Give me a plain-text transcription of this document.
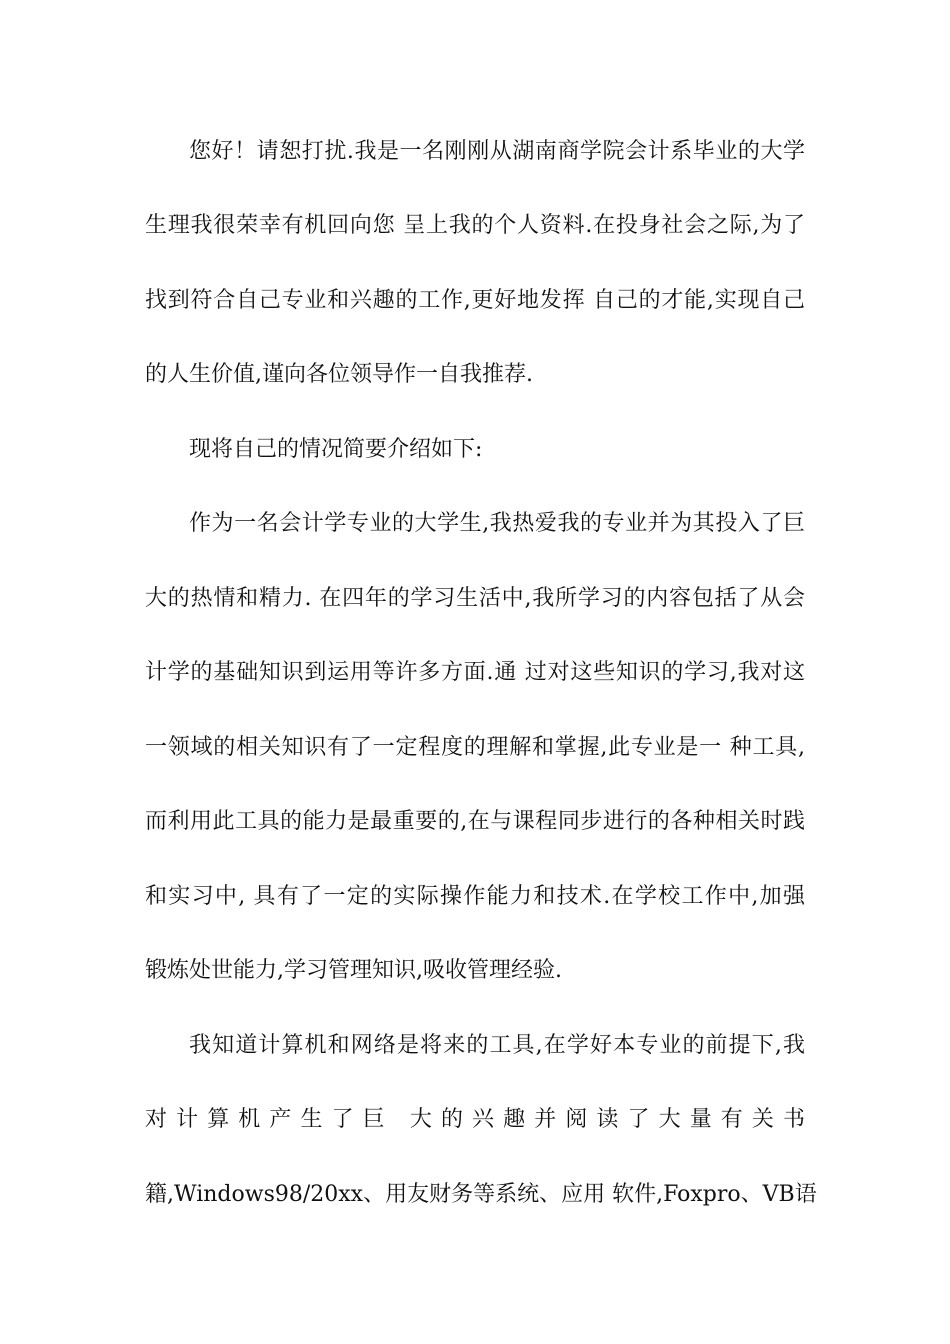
您好！请恕打扰.我是一名刚刚从湖南商学院会计系毕业的大学
生理我很荣幸有机回向您 呈上我的个人资料.在投身社会之际,为了
找到符合自己专业和兴趣的工作,更好地发挥 自己的才能,实现自己
的人生价值,谨向各位领导作一自我推荐.
现将自己的情况简要介绍如下:
作为一名会计学专业的大学生,我热爱我的专业并为其投入了巨
大的热情和精力. 在四年的学习生活中,我所学习的内容包括了从会
计学的基础知识到运用等许多方面.通 过对这些知识的学习,我对这
一领域的相关知识有了一定程度的理解和掌握,此专业是一 种工具,
而利用此工具的能力是最重要的,在与课程同步进行的各种相关时践
和实习中, 具有了一定的实际操作能力和技术.在学校工作中,加强
锻炼处世能力,学习管理知识,吸收管理经验.
我知道计算机和网络是将来的工具,在学好本专业的前提下,我
对计算机产生了巨 大的兴趣并阅读了大量有关书
籍,Windows98/20xx、用友财务等系统、应用 软件,Foxpro、VB语
